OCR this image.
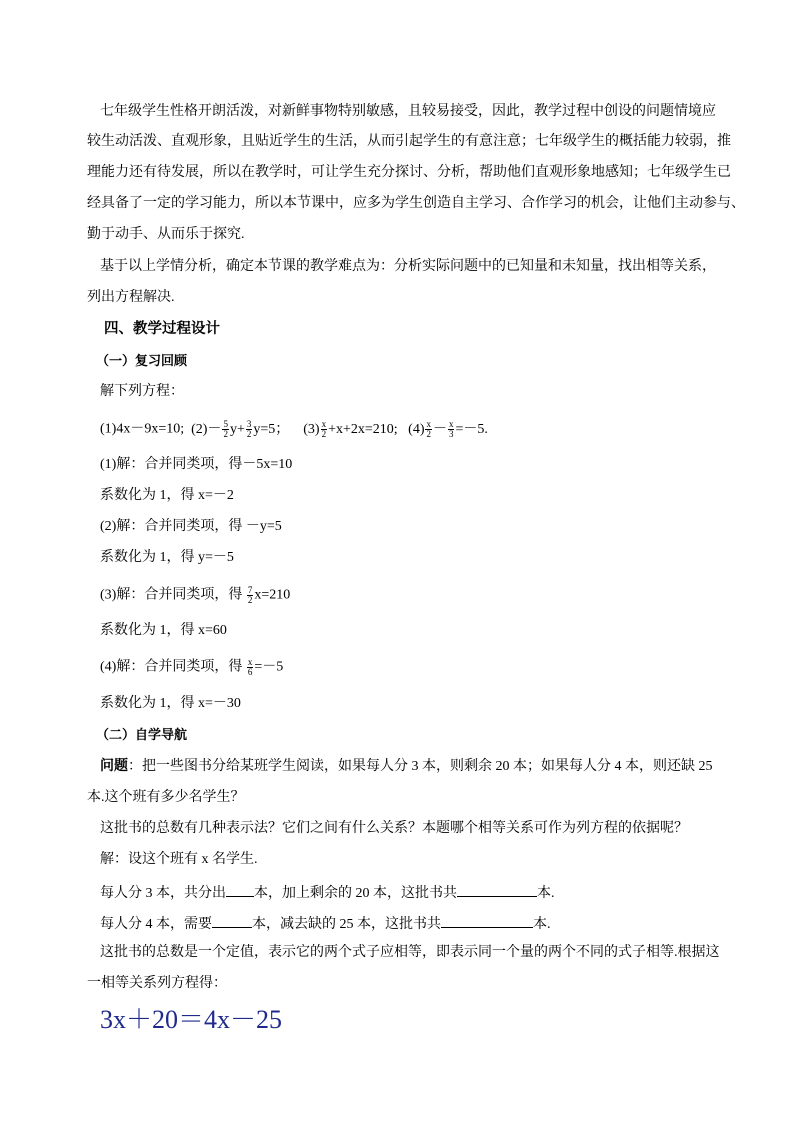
七年级学生性格开朗活泼，对新鲜事物特别敏感，且较易接受，因此，教学过程中创设的问题情境应
较生动活泼、直观形象，且贴近学生的生活，从而引起学生的有意注意；七年级学生的概括能力较弱，推
理能力还有待发展，所以在教学时，可让学生充分探讨、分析，帮助他们直观形象地感知；七年级学生已
经具备了一定的学习能力，所以本节课中，应多为学生创造自主学习、合作学习的机会，让他们主动参与、
勤于动手、从而乐于探究.
基于以上学情分析，确定本节课的教学难点为：分析实际问题中的已知量和未知量，找出相等关系，
列出方程解决.
四、教学过程设计
（一）复习回顾
解下列方程：
(1)4x－9x=10; $(2)- \frac{5}{2} y+ \frac{3}{2} y=5$； $(3) \frac{x}{2} +x+2x=210$; $(4) \frac{x}{2} - \frac{x}{3} =-5$.
(1)解：合并同类项，得－5x=10
系数化为 1，得 x=－2
(2)解：合并同类项，得 －y=5
系数化为 1，得 y=－5
(3)解：合并同类项，得 $\frac{7}{2} x=210$
系数化为 1，得 x=60
(4)解：合并同类项，得 $\frac{x}{6} =-5$
系数化为 1，得 x=－30
（二）自学导航
问题：把一些图书分给某班学生阅读，如果每人分 3 本，则剩余 20 本；如果每人分 4 本，则还缺 25
本.这个班有多少名学生？
这批书的总数有几种表示法？它们之间有什么关系？本题哪个相等关系可作为列方程的依据呢？
解：设这个班有 x 名学生.
每人分 3 本，共分出 本，加上剩余的 20 本，这批书共	本.
每人分 4 本，需要	本，减去缺的 25 本，这批书共	本.
这批书的总数是一个定值，表示它的两个式子应相等，即表示同一个量的两个不同的式子相等.根据这
一相等关系列方程得：
3x＋20＝4x－25
